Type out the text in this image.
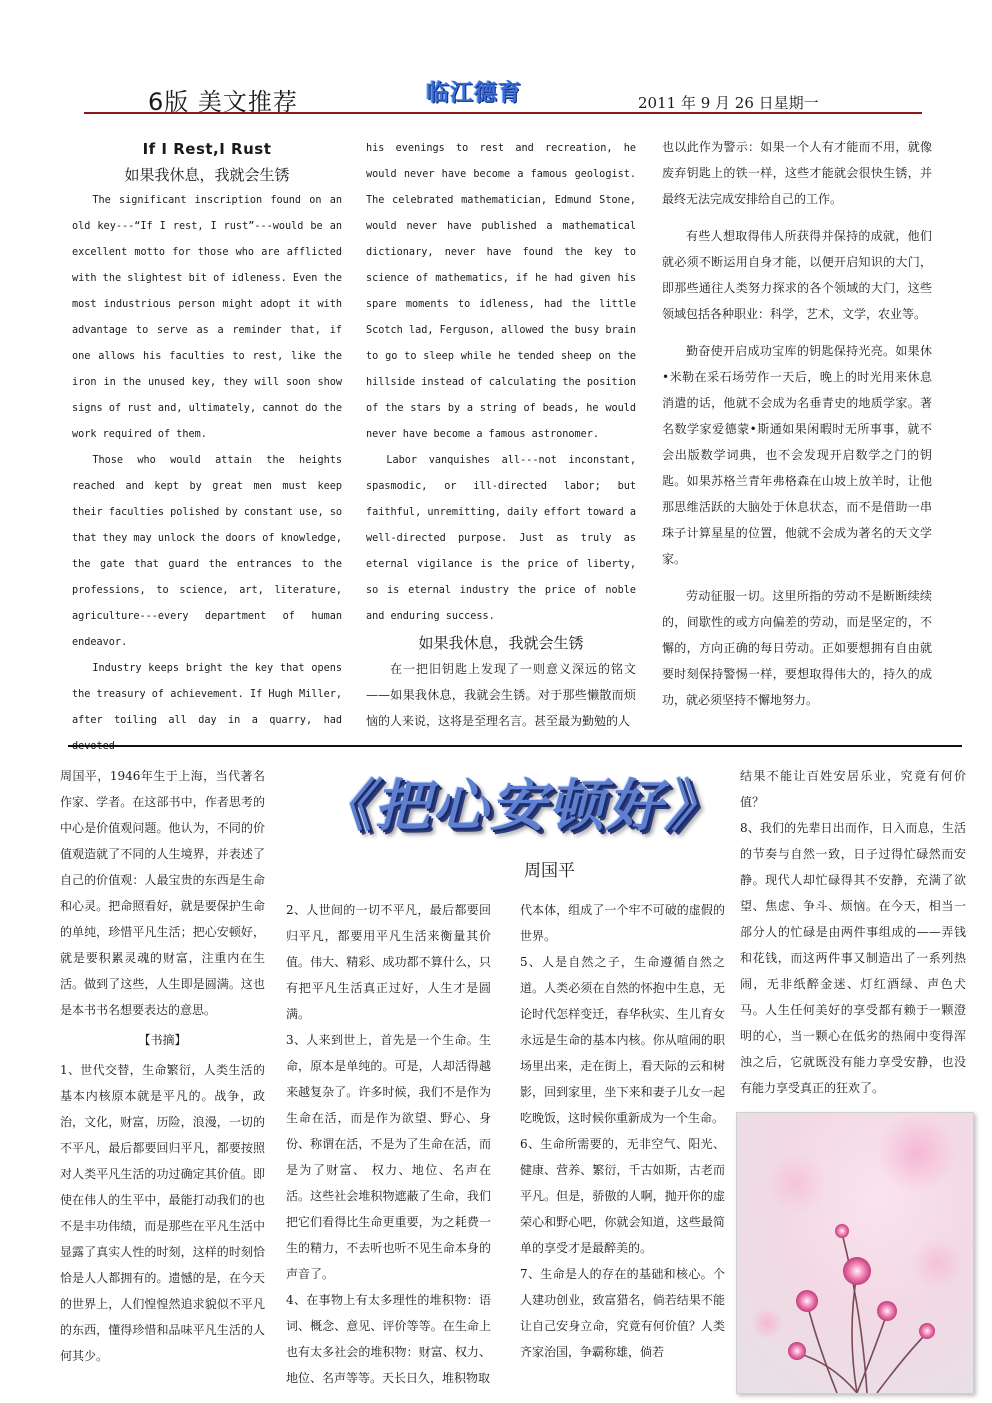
6版 美文推荐	临江德育	2011 年 9 月 26 日星期一
If I Rest,I Rust
如果我休息，我就会生锈

The significant inscription found on an old key---“If I rest, I rust”---would be an excellent motto for those who are afflicted with the slightest bit of idleness. Even the most industrious person might adopt it with advantage to serve as a reminder that, if one allows his faculties to rest, like the iron in the unused key, they will soon show signs of rust and, ultimately, cannot do the work required of them.

Those who would attain the heights reached and kept by great men must keep their faculties polished by constant use, so that they may unlock the doors of knowledge, the gate that guard the entrances to the professions, to science, art, literature, agriculture---every department of human endeavor.

Industry keeps bright the key that opens the treasury of achievement. If Hugh Miller, after toiling all day in a quarry, had devoted

his evenings to rest and recreation, he would never have become a famous geologist. The celebrated mathematician, Edmund Stone, would never have published a mathematical dictionary, never have found the key to science of mathematics, if he had given his spare moments to idleness, had the little Scotch lad, Ferguson, allowed the busy brain to go to sleep while he tended sheep on the hillside instead of calculating the position of the stars by a string of beads, he would never have become a famous astronomer.

Labor vanquishes all---not inconstant, spasmodic, or ill-directed labor; but faithful, unremitting, daily effort toward a well-directed purpose. Just as truly as eternal vigilance is the price of liberty, so is eternal industry the price of noble and enduring success.

如果我休息，我就会生锈

在一把旧钥匙上发现了一则意义深远的铭文——如果我休息，我就会生锈。对于那些懒散而烦恼的人来说，这将是至理名言。甚至最为勤勉的人

也以此作为警示：如果一个人有才能而不用，就像废弃钥匙上的铁一样，这些才能就会很快生锈，并最终无法完成安排给自己的工作。

有些人想取得伟人所获得并保持的成就，他们就必须不断运用自身才能，以便开启知识的大门，即那些通往人类努力探求的各个领域的大门，这些领域包括各种职业：科学，艺术，文学，农业等。

勤奋使开启成功宝库的钥匙保持光亮。如果休•米勒在采石场劳作一天后，晚上的时光用来休息消遣的话，他就不会成为名垂青史的地质学家。著名数学家爱德蒙•斯通如果闲暇时无所事事，就不会出版数学词典，也不会发现开启数学之门的钥匙。如果苏格兰青年弗格森在山坡上放羊时，让他那思维活跃的大脑处于休息状态，而不是借助一串珠子计算星星的位置，他就不会成为著名的天文学家。

劳动征服一切。这里所指的劳动不是断断续续的，间歇性的或方向偏差的劳动，而是坚定的，不懈的，方向正确的每日劳动。正如要想拥有自由就要时刻保持警惕一样，要想取得伟大的，持久的成功，就必须坚持不懈地努力。

《把心安顿好》
周国平

周国平，1946年生于上海，当代著名作家、学者。在这部书中，作者思考的中心是价值观问题。他认为，不同的价值观造就了不同的人生境界，并表述了自己的价值观：人最宝贵的东西是生命和心灵。把命照看好，就是要保护生命的单纯，珍惜平凡生活；把心安顿好，就是要积累灵魂的财富，注重内在生活。做到了这些，人生即是圆满。这也是本书书名想要表达的意思。

【书摘】

1、世代交替，生命繁衍，人类生活的基本内核原本就是平凡的。战争，政治，文化，财富，历险，浪漫，一切的不平凡，最后都要回归平凡，都要按照对人类平凡生活的功过确定其价值。即使在伟人的生平中，最能打动我们的也不是丰功伟绩，而是那些在平凡生活中显露了真实人性的时刻，这样的时刻恰恰是人人都拥有的。遗憾的是，在今天的世界上，人们惶惶然追求貌似不平凡的东西，懂得珍惜和品味平凡生活的人何其少。

2、人世间的一切不平凡，最后都要回归平凡，都要用平凡生活来衡量其价值。伟大、精彩、成功都不算什么，只有把平凡生活真正过好，人生才是圆满。

3、人来到世上，首先是一个生命。生命，原本是单纯的。可是，人却活得越来越复杂了。许多时候，我们不是作为生命在活，而是作为欲望、野心、身份、称谓在活，不是为了生命在活，而是为了财富、 权力、地位、名声在活。这些社会堆积物遮蔽了生命，我们把它们看得比生命更重要，为之耗费一生的精力，不去听也听不见生命本身的声音了。

4、在事物上有太多理性的堆积物：语词、概念、意见、评价等等。在生命上也有太多社会的堆积物：财富、权力、地位、名声等等。天长日久，堆积物取

代本体，组成了一个牢不可破的虚假的世界。

5、人是自然之子，生命遵循自然之道。人类必须在自然的怀抱中生息，无论时代怎样变迁，春华秋实、生儿育女永远是生命的基本内核。你从喧闹的职场里出来，走在街上，看天际的云和树影，回到家里，坐下来和妻子儿女一起吃晚饭，这时候你重新成为一个生命。

6、生命所需要的，无非空气、阳光、健康、营养、繁衍，千古如斯，古老而平凡。但是，骄傲的人啊，抛开你的虚荣心和野心吧，你就会知道，这些最简单的享受才是最醉美的。

7、生命是人的存在的基础和核心。个人建功创业，致富猎名，倘若结果不能让自己安身立命，究竟有何价值？人类齐家治国，争霸称雄，倘若

结果不能让百姓安居乐业，究竟有何价值？

8、我们的先辈日出而作，日入而息，生活的节奏与自然一致，日子过得忙碌然而安静。现代人却忙碌得其不安静，充满了欲望、焦虑、争斗、烦恼。在今天，相当一部分人的忙碌是由两件事组成的——弄钱和花钱，而这两件事又制造出了一系列热闹，无非纸醉金迷、灯红酒绿、声色犬马。人生任何美好的享受都有赖于一颗澄明的心，当一颗心在低劣的热闹中变得浑浊之后，它就既没有能力享受安静，也没有能力享受真正的狂欢了。
